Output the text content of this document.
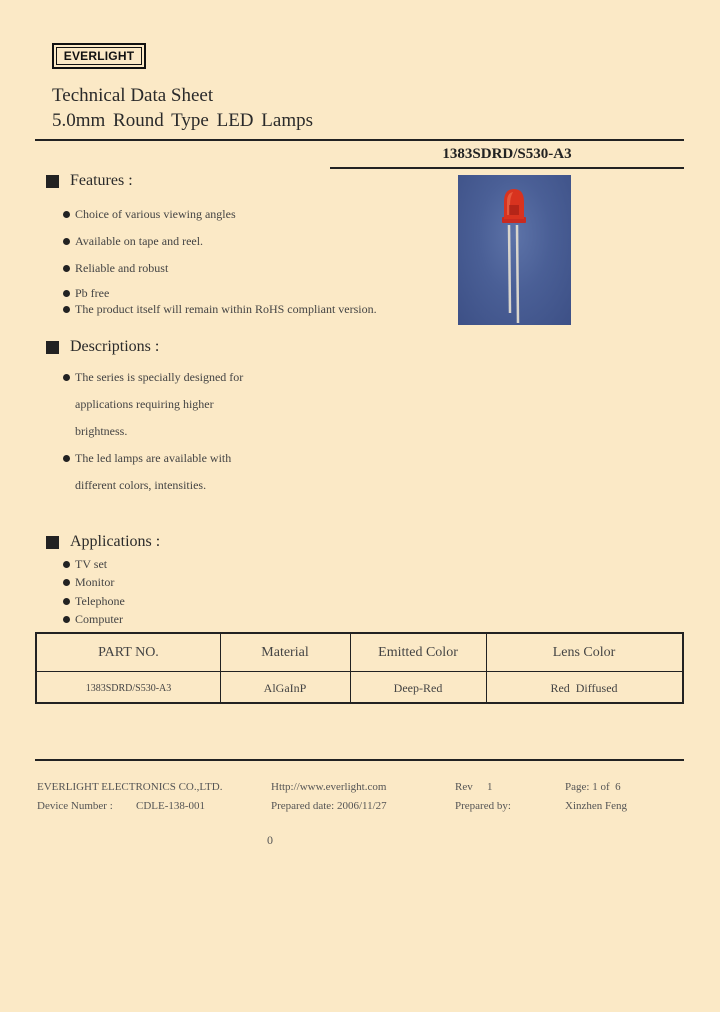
EVERLIGHT
Technical Data Sheet
5.0mm Round Type LED Lamps
1383SDRD/S530-A3
Features :
Choice of various viewing angles
Available on tape and reel.
Reliable and robust
Pb free
The product itself will remain within RoHS compliant version.
Descriptions :
The series is specially designed for
applications requiring higher
brightness.
The led lamps are available with
different colors, intensities.
Applications :
TV set
Monitor
Telephone
Computer
PART NO.	Material	Emitted Color	Lens Color
1383SDRD/S530-A3	AlGaInP	Deep-Red	Red  Diffused
EVERLIGHT ELECTRONICS CO.,LTD.	Http://www.everlight.com	Rev 1	Page: 1 of  6
Device Number : CDLE-138-001	Prepared date: 2006/11/27	Prepared by:	Xinzhen Feng
0
